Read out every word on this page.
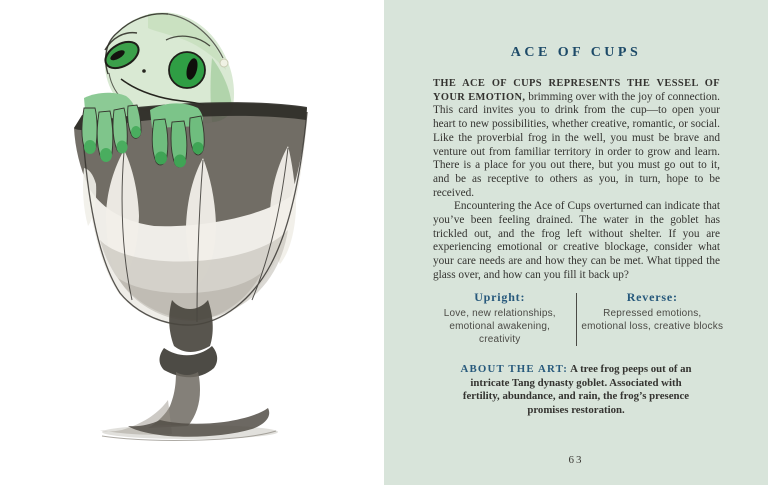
ACE OF CUPS

THE ACE OF CUPS REPRESENTS THE VESSEL OF YOUR EMOTION, brimming over with the joy of connection. This card invites you to drink from the cup—to open your heart to new possibilities, whether creative, romantic, or social. Like the proverbial frog in the well, you must be brave and venture out from familiar territory in order to grow and learn. There is a place for you out there, but you must go out to it, and be as receptive to others as you, in turn, hope to be received.

Encountering the Ace of Cups overturned can indicate that you’ve been feeling drained. The water in the goblet has trickled out, and the frog left without shelter. If you are experiencing emotional or creative blockage, consider what your care needs are and how they can be met. What tipped the glass over, and how can you fill it back up?

Upright:
Love, new relationships, emotional awakening, creativity
Reverse:
Repressed emotions, emotional loss, creative blocks

ABOUT THE ART: A tree frog peeps out of an intricate Tang dynasty goblet. Associated with fertility, abundance, and rain, the frog’s presence promises restoration.

63
